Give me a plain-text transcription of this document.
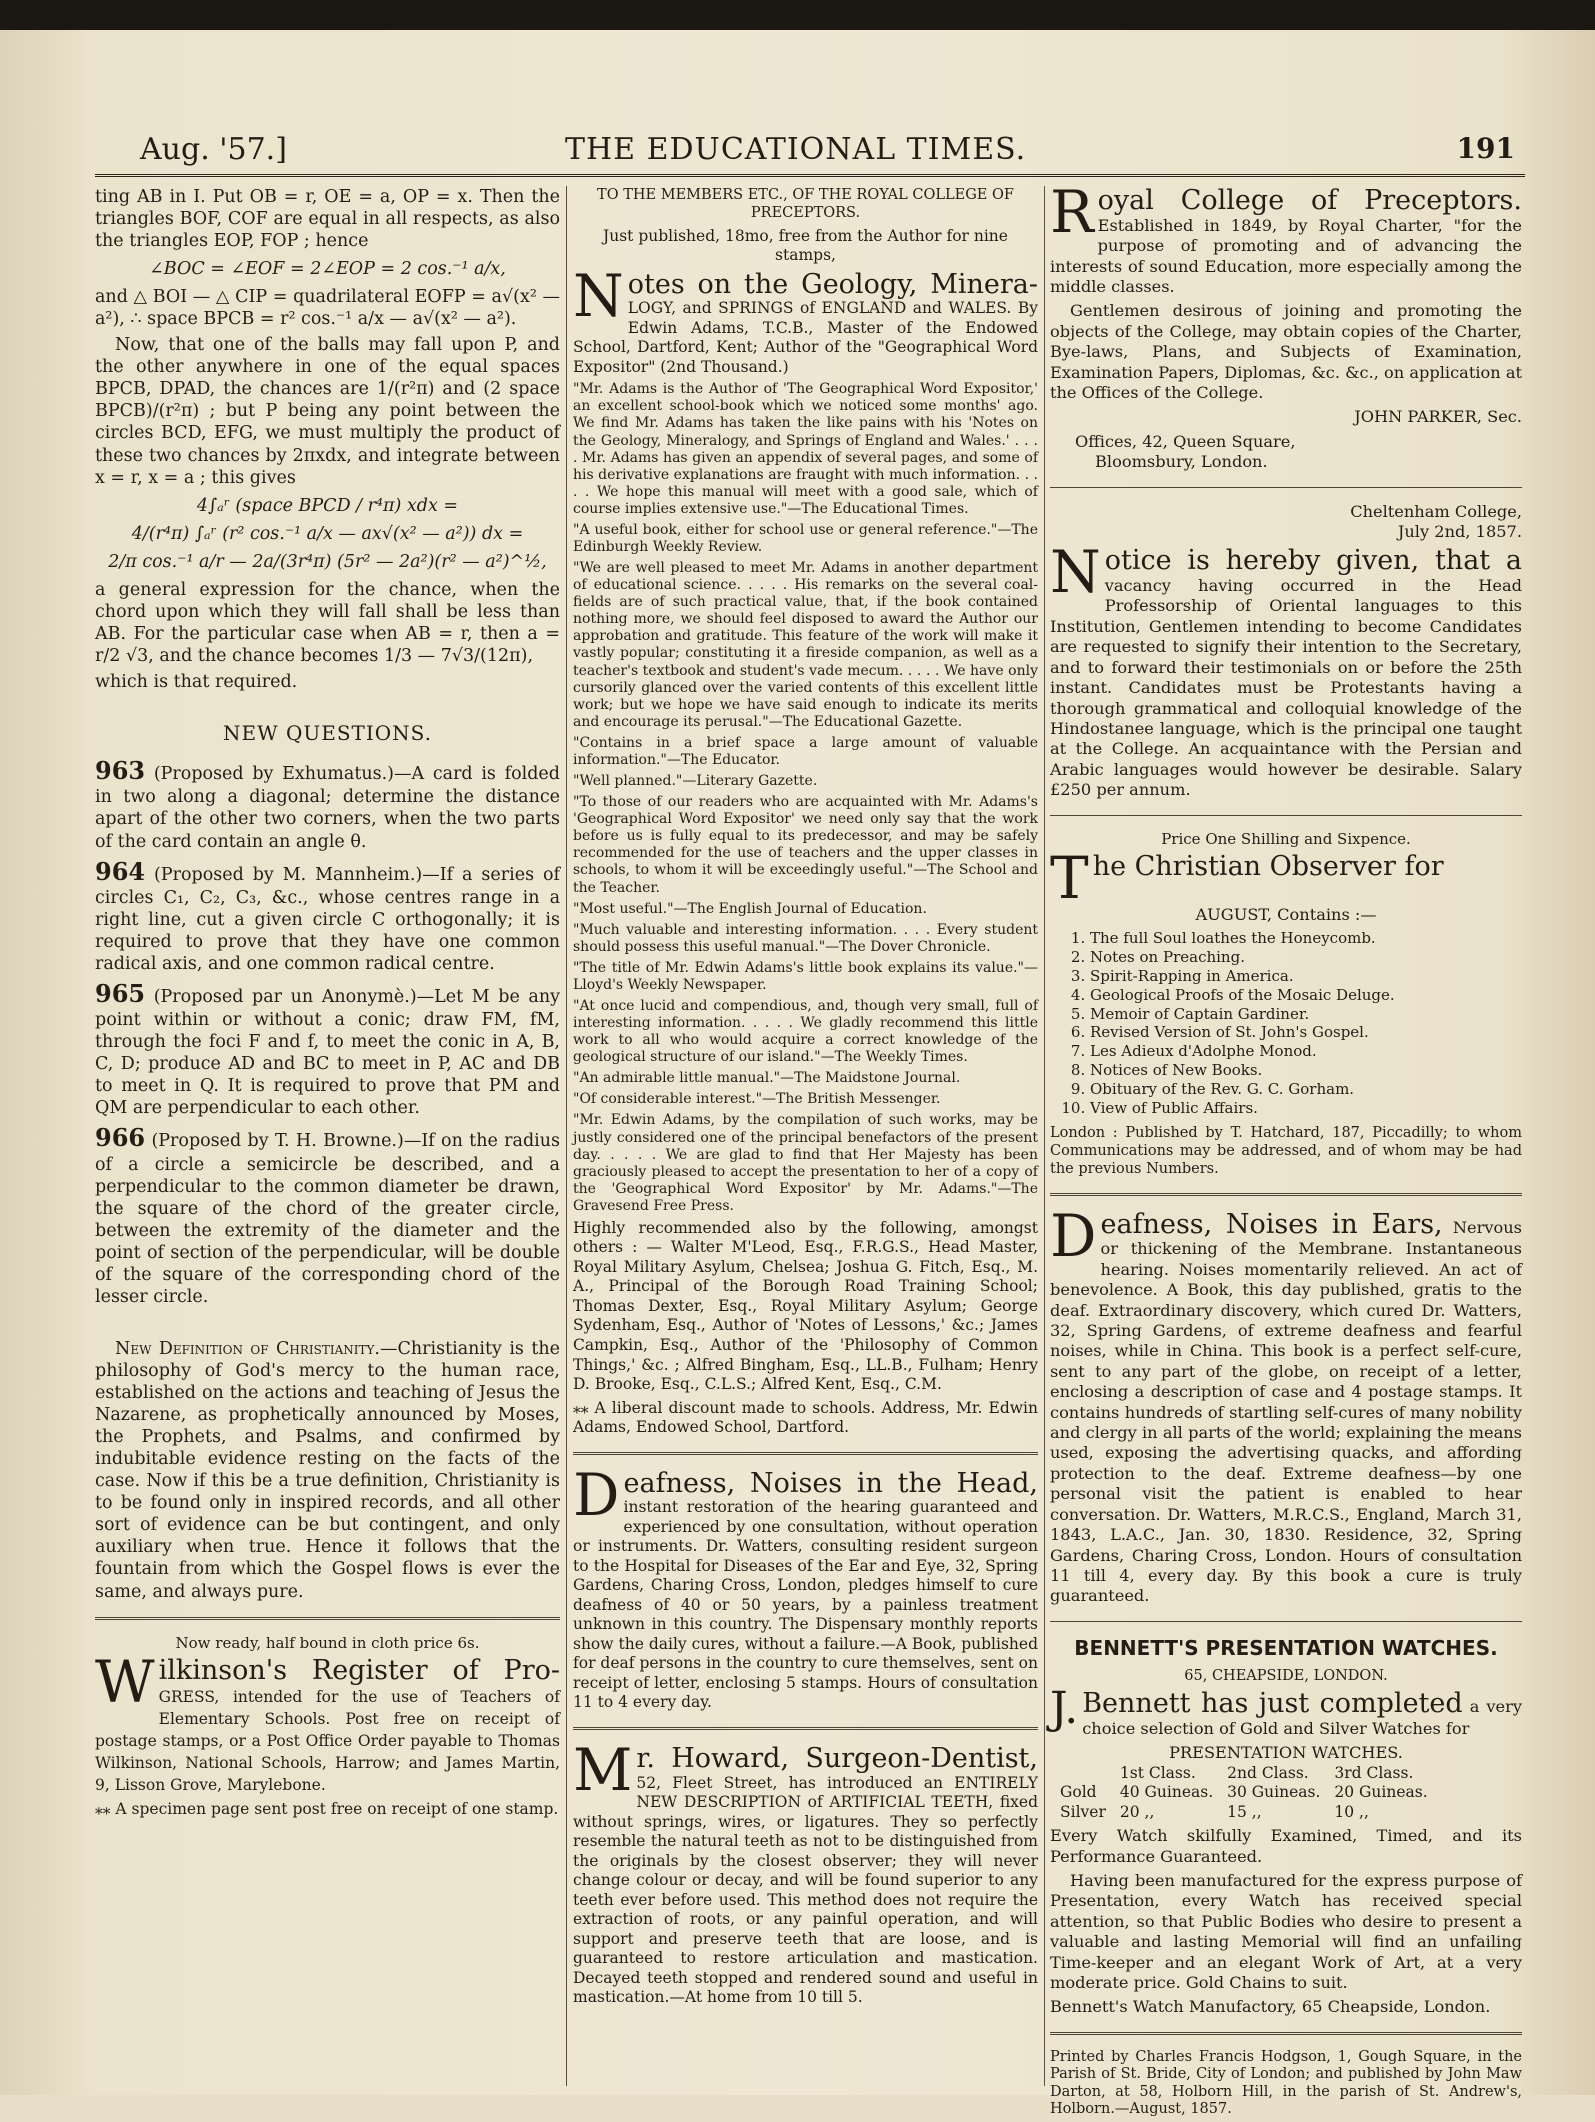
Aug. '57.]	THE EDUCATIONAL TIMES.	191

ting AB in I. Put OB = r, OE = a, OP = x. Then the triangles BOF, COF are equal in all respects, as also the triangles EOP, FOP ; hence

∠BOC = ∠EOF = 2∠EOP = 2 cos.⁻¹ a/x,

and △ BOI — △ CIP = quadrilateral EOFP = a√(x² — a²), ∴ space BPCB = r² cos.⁻¹ a/x — a√(x² — a²).

Now, that one of the balls may fall upon P, and the other anywhere in one of the equal spaces BPCB, DPAD, the chances are 1/(r²π) and (2 space BPCB)/(r²π) ; but P being any point between the circles BCD, EFG, we must multiply the product of these two chances by 2πxdx, and integrate between x = r, x = a ; this gives

4∫ₐʳ (space BPCD / r⁴π) xdx =

4/(r⁴π) ∫ₐʳ (r² cos.⁻¹ a/x — ax√(x² — a²)) dx =

2/π cos.⁻¹ a/r — 2a/(3r⁴π) (5r² — 2a²)(r² — a²)^½,

a general expression for the chance, when the chord upon which they will fall shall be less than AB. For the particular case when AB = r, then a = r/2 √3, and the chance becomes 1/3 — 7√3/(12π),

which is that required.

NEW QUESTIONS.

963 (Proposed by Exhumatus.)—A card is folded in two along a diagonal; determine the distance apart of the other two corners, when the two parts of the card contain an angle θ.

964 (Proposed by M. Mannheim.)—If a series of circles C₁, C₂, C₃, &c., whose centres range in a right line, cut a given circle C orthogonally; it is required to prove that they have one common radical axis, and one common radical centre.

965 (Proposed par un Anonymè.)—Let M be any point within or without a conic; draw FM, fM, through the foci F and f, to meet the conic in A, B, C, D; produce AD and BC to meet in P, AC and DB to meet in Q. It is required to prove that PM and QM are perpendicular to each other.

966 (Proposed by T. H. Browne.)—If on the radius of a circle a semicircle be described, and a perpendicular to the common diameter be drawn, the square of the chord of the greater circle, between the extremity of the diameter and the point of section of the perpendicular, will be double of the square of the corresponding chord of the lesser circle.

New Definition of Christianity.—Christianity is the philosophy of God's mercy to the human race, established on the actions and teaching of Jesus the Nazarene, as prophetically announced by Moses, the Prophets, and Psalms, and confirmed by indubitable evidence resting on the facts of the case. Now if this be a true definition, Christianity is to be found only in inspired records, and all other sort of evidence can be but contingent, and only auxiliary when true. Hence it follows that the fountain from which the Gospel flows is ever the same, and always pure.

Now ready, half bound in cloth price 6s.

Wilkinson's Register of Pro- GRESS, intended for the use of Teachers of Elementary Schools. Post free on receipt of postage stamps, or a Post Office Order payable to Thomas Wilkinson, National Schools, Harrow; and James Martin, 9, Lisson Grove, Marylebone.

⁎⁎ A specimen page sent post free on receipt of one stamp.

TO THE MEMBERS ETC., OF THE ROYAL COLLEGE OF PRECEPTORS.

Just published, 18mo, free from the Author for nine stamps,

Notes on the Geology, Minera- LOGY, and SPRINGS of ENGLAND and WALES. By Edwin Adams, T.C.B., Master of the Endowed School, Dartford, Kent; Author of the "Geographical Word Expositor" (2nd Thousand.)

"Mr. Adams is the Author of 'The Geographical Word Expositor,' an excellent school-book which we noticed some months' ago. We find Mr. Adams has taken the like pains with his 'Notes on the Geology, Mineralogy, and Springs of England and Wales.' . . . . Mr. Adams has given an appendix of several pages, and some of his derivative explanations are fraught with much information. . . . . We hope this manual will meet with a good sale, which of course implies extensive use."—The Educational Times.

"A useful book, either for school use or general reference."—The Edinburgh Weekly Review.

"We are well pleased to meet Mr. Adams in another department of educational science. . . . . His remarks on the several coal-fields are of such practical value, that, if the book contained nothing more, we should feel disposed to award the Author our approbation and gratitude. This feature of the work will make it vastly popular; constituting it a fireside companion, as well as a teacher's textbook and student's vade mecum. . . . . We have only cursorily glanced over the varied contents of this excellent little work; but we hope we have said enough to indicate its merits and encourage its perusal."—The Educational Gazette.

"Contains in a brief space a large amount of valuable information."—The Educator.

"Well planned."—Literary Gazette.

"To those of our readers who are acquainted with Mr. Adams's 'Geographical Word Expositor' we need only say that the work before us is fully equal to its predecessor, and may be safely recommended for the use of teachers and the upper classes in schools, to whom it will be exceedingly useful."—The School and the Teacher.

"Most useful."—The English Journal of Education.

"Much valuable and interesting information. . . . Every student should possess this useful manual."—The Dover Chronicle.

"The title of Mr. Edwin Adams's little book explains its value."—Lloyd's Weekly Newspaper.

"At once lucid and compendious, and, though very small, full of interesting information. . . . . We gladly recommend this little work to all who would acquire a correct knowledge of the geological structure of our island."—The Weekly Times.

"An admirable little manual."—The Maidstone Journal.

"Of considerable interest."—The British Messenger.

"Mr. Edwin Adams, by the compilation of such works, may be justly considered one of the principal benefactors of the present day. . . . . We are glad to find that Her Majesty has been graciously pleased to accept the presentation to her of a copy of the 'Geographical Word Expositor' by Mr. Adams."—The Gravesend Free Press.

Highly recommended also by the following, amongst others : — Walter M'Leod, Esq., F.R.G.S., Head Master, Royal Military Asylum, Chelsea; Joshua G. Fitch, Esq., M. A., Principal of the Borough Road Training School; Thomas Dexter, Esq., Royal Military Asylum; George Sydenham, Esq., Author of 'Notes of Lessons,' &c.; James Campkin, Esq., Author of the 'Philosophy of Common Things,' &c. ; Alfred Bingham, Esq., LL.B., Fulham; Henry D. Brooke, Esq., C.L.S.; Alfred Kent, Esq., C.M.

⁎⁎ A liberal discount made to schools. Address, Mr. Edwin Adams, Endowed School, Dartford.

Deafness, Noises in the Head, instant restoration of the hearing guaranteed and experienced by one consultation, without operation or instruments. Dr. Watters, consulting resident surgeon to the Hospital for Diseases of the Ear and Eye, 32, Spring Gardens, Charing Cross, London, pledges himself to cure deafness of 40 or 50 years, by a painless treatment unknown in this country. The Dispensary monthly reports show the daily cures, without a failure.—A Book, published for deaf persons in the country to cure themselves, sent on receipt of letter, enclosing 5 stamps. Hours of consultation 11 to 4 every day.

Mr. Howard, Surgeon-Dentist, 52, Fleet Street, has introduced an ENTIRELY NEW DESCRIPTION of ARTIFICIAL TEETH, fixed without springs, wires, or ligatures. They so perfectly resemble the natural teeth as not to be distinguished from the originals by the closest observer; they will never change colour or decay, and will be found superior to any teeth ever before used. This method does not require the extraction of roots, or any painful operation, and will support and preserve teeth that are loose, and is guaranteed to restore articulation and mastication. Decayed teeth stopped and rendered sound and useful in mastication.—At home from 10 till 5.

Royal College of Preceptors. Established in 1849, by Royal Charter, "for the purpose of promoting and of advancing the interests of sound Education, more especially among the middle classes.

Gentlemen desirous of joining and promoting the objects of the College, may obtain copies of the Charter, Bye-laws, Plans, and Subjects of Examination, Examination Papers, Diplomas, &c. &c., on application at the Offices of the College.

JOHN PARKER, Sec.

Offices, 42, Queen Square,

Bloomsbury, London.

Cheltenham College,

July 2nd, 1857.

Notice is hereby given, that a vacancy having occurred in the Head Professorship of Oriental languages to this Institution, Gentlemen intending to become Candidates are requested to signify their intention to the Secretary, and to forward their testimonials on or before the 25th instant. Candidates must be Protestants having a thorough grammatical and colloquial knowledge of the Hindostanee language, which is the principal one taught at the College. An acquaintance with the Persian and Arabic languages would however be desirable. Salary £250 per annum.

Price One Shilling and Sixpence.

The Christian Observer for

AUGUST, Contains :—

1. The full Soul loathes the Honeycomb.
2. Notes on Preaching.
3. Spirit-Rapping in America.
4. Geological Proofs of the Mosaic Deluge.
5. Memoir of Captain Gardiner.
6. Revised Version of St. John's Gospel.
7. Les Adieux d'Adolphe Monod.
8. Notices of New Books.
9. Obituary of the Rev. G. C. Gorham.
10. View of Public Affairs.

London : Published by T. Hatchard, 187, Piccadilly; to whom Communications may be addressed, and of whom may be had the previous Numbers.

Deafness, Noises in Ears, Nervous or thickening of the Membrane. Instantaneous hearing. Noises momentarily relieved. An act of benevolence. A Book, this day published, gratis to the deaf. Extraordinary discovery, which cured Dr. Watters, 32, Spring Gardens, of extreme deafness and fearful noises, while in China. This book is a perfect self-cure, sent to any part of the globe, on receipt of a letter, enclosing a description of case and 4 postage stamps. It contains hundreds of startling self-cures of many nobility and clergy in all parts of the world; explaining the means used, exposing the advertising quacks, and affording protection to the deaf. Extreme deafness—by one personal visit the patient is enabled to hear conversation. Dr. Watters, M.R.C.S., England, March 31, 1843, L.A.C., Jan. 30, 1830. Residence, 32, Spring Gardens, Charing Cross, London. Hours of consultation 11 till 4, every day. By this book a cure is truly guaranteed.

BENNETT'S PRESENTATION WATCHES.

65, CHEAPSIDE, LONDON.

J. Bennett has just completed a very choice selection of Gold and Silver Watches for

PRESENTATION WATCHES.

	1st Class.	2nd Class.	3rd Class.
Gold	40 Guineas.	30 Guineas.	20 Guineas.
Silver	20 ,,	15 ,,	10 ,,

Every Watch skilfully Examined, Timed, and its Performance Guaranteed.

Having been manufactured for the express purpose of Presentation, every Watch has received special attention, so that Public Bodies who desire to present a valuable and lasting Memorial will find an unfailing Time-keeper and an elegant Work of Art, at a very moderate price. Gold Chains to suit.

Bennett's Watch Manufactory, 65 Cheapside, London.

Printed by Charles Francis Hodgson, 1, Gough Square, in the Parish of St. Bride, City of London; and published by John Maw Darton, at 58, Holborn Hill, in the parish of St. Andrew's, Holborn.—August, 1857.
